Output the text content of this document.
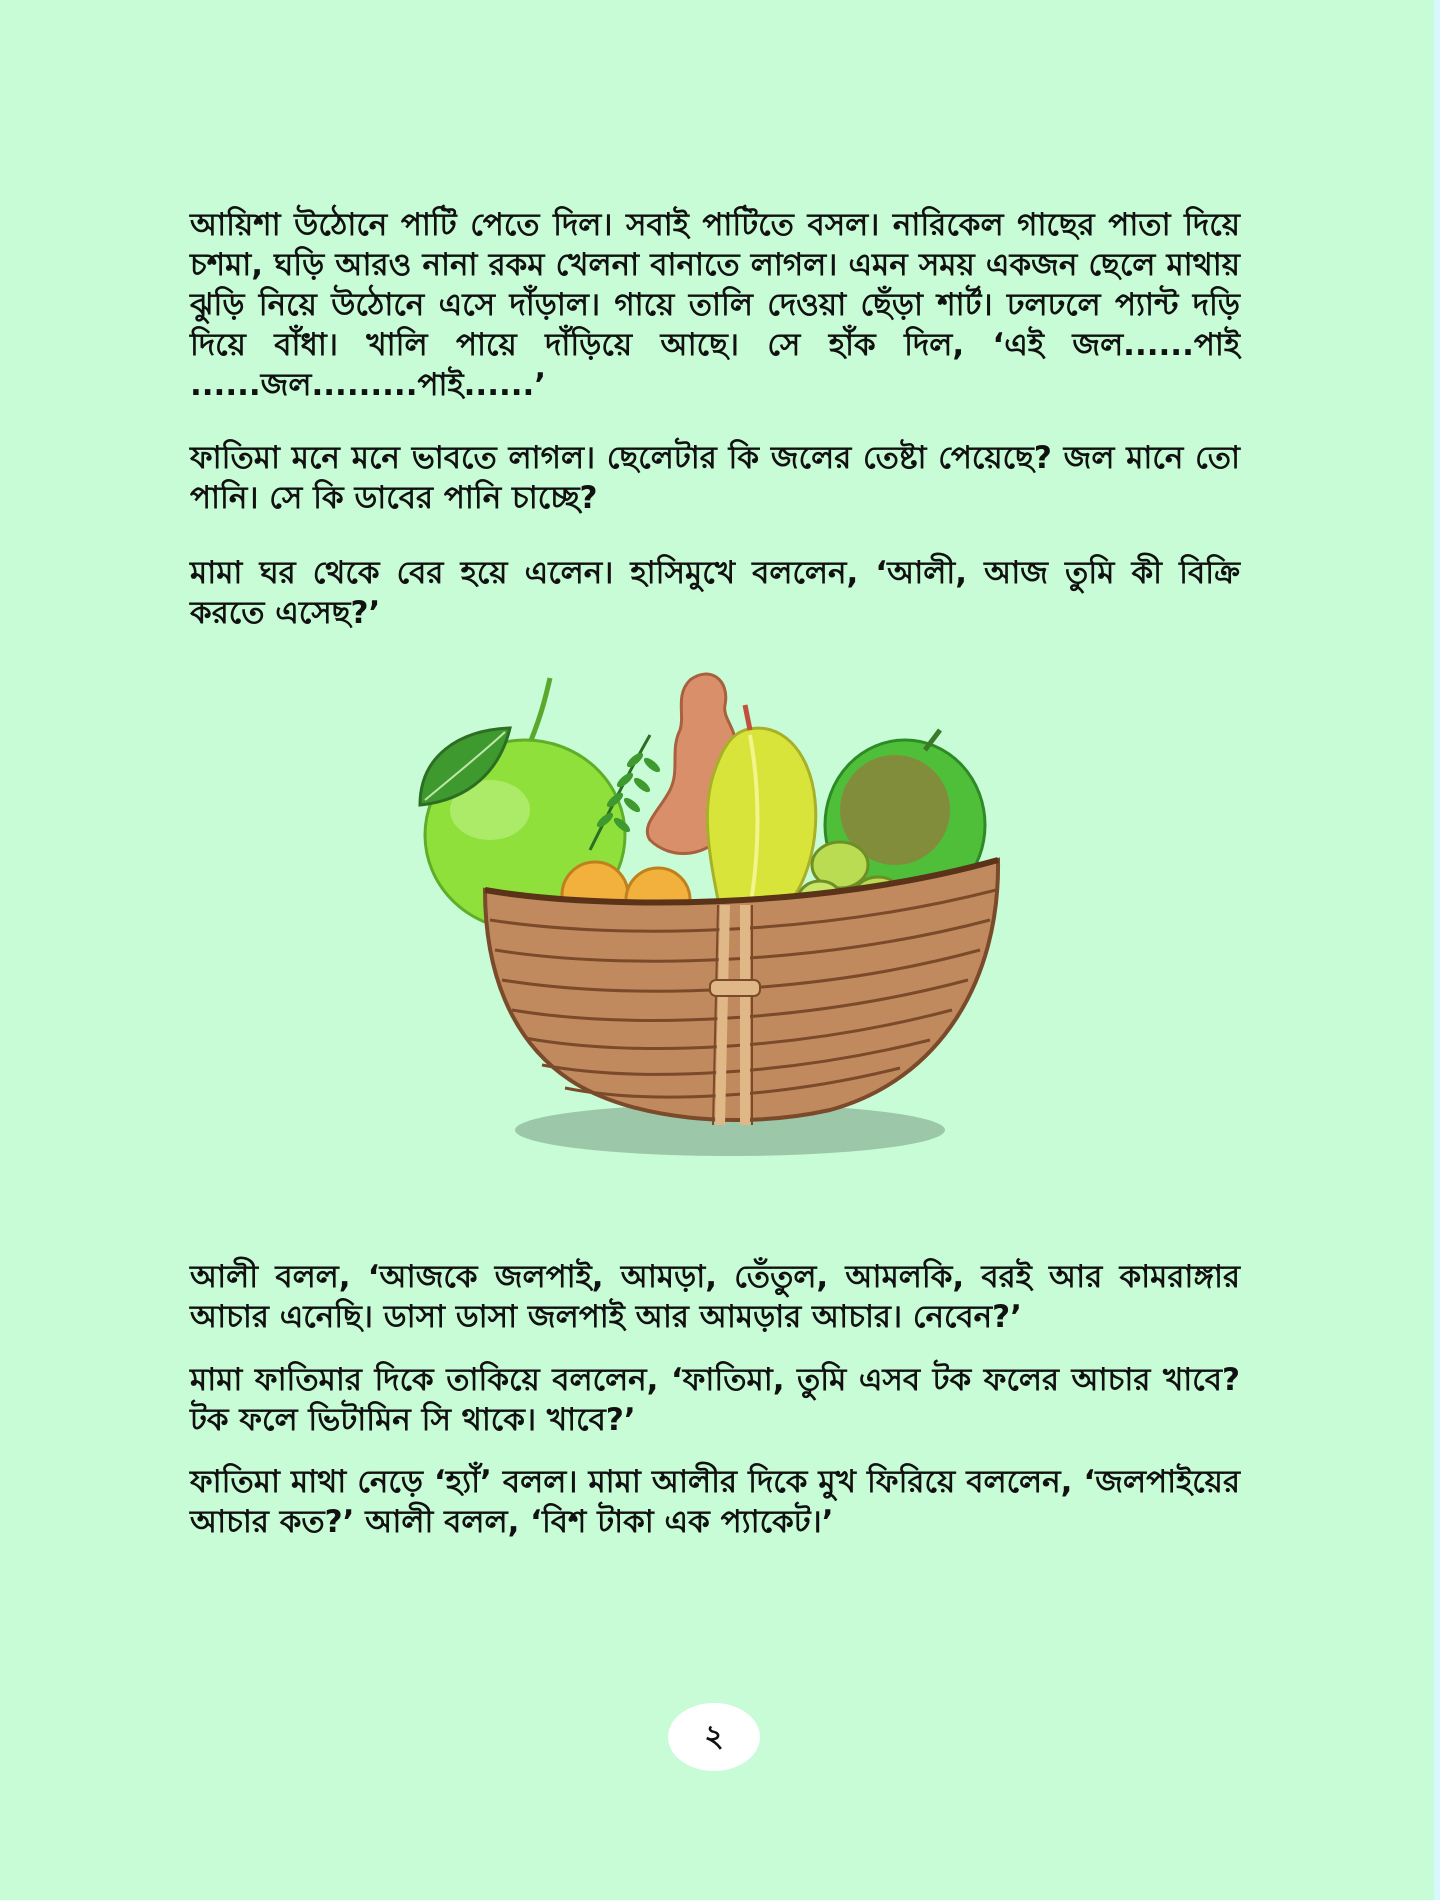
আয়িশা উঠোনে পাটি পেতে দিল। সবাই পাটিতে বসল। নারিকেল গাছের পাতা দিয়ে চশমা, ঘড়ি আরও নানা রকম খেলনা বানাতে লাগল। এমন সময় একজন ছেলে মাথায় ঝুড়ি নিয়ে উঠোনে এসে দাঁড়াল। গায়ে তালি দেওয়া ছেঁড়া শার্ট। ঢলঢলে প্যান্ট দড়ি দিয়ে বাঁধা। খালি পায়ে দাঁড়িয়ে আছে। সে হাঁক দিল, ‘এই জল......পাই ......জল.........পাই......’

ফাতিমা মনে মনে ভাবতে লাগল। ছেলেটার কি জলের তেষ্টা পেয়েছে? জল মানে তো পানি। সে কি ডাবের পানি চাচ্ছে?

মামা ঘর থেকে বের হয়ে এলেন। হাসিমুখে বললেন, ‘আলী, আজ তুমি কী বিক্রি করতে এসেছ?’

আলী বলল, ‘আজকে জলপাই, আমড়া, তেঁতুল, আমলকি, বরই আর কামরাঙ্গার আচার এনেছি। ডাসা ডাসা জলপাই আর আমড়ার আচার। নেবেন?’

মামা ফাতিমার দিকে তাকিয়ে বললেন, ‘ফাতিমা, তুমি এসব টক ফলের আচার খাবে? টক ফলে ভিটামিন সি থাকে। খাবে?’

ফাতিমা মাথা নেড়ে ‘হ্যাঁ’ বলল। মামা আলীর দিকে মুখ ফিরিয়ে বললেন, ‘জলপাইয়ের আচার কত?’ আলী বলল, ‘বিশ টাকা এক প্যাকেট।’

২
